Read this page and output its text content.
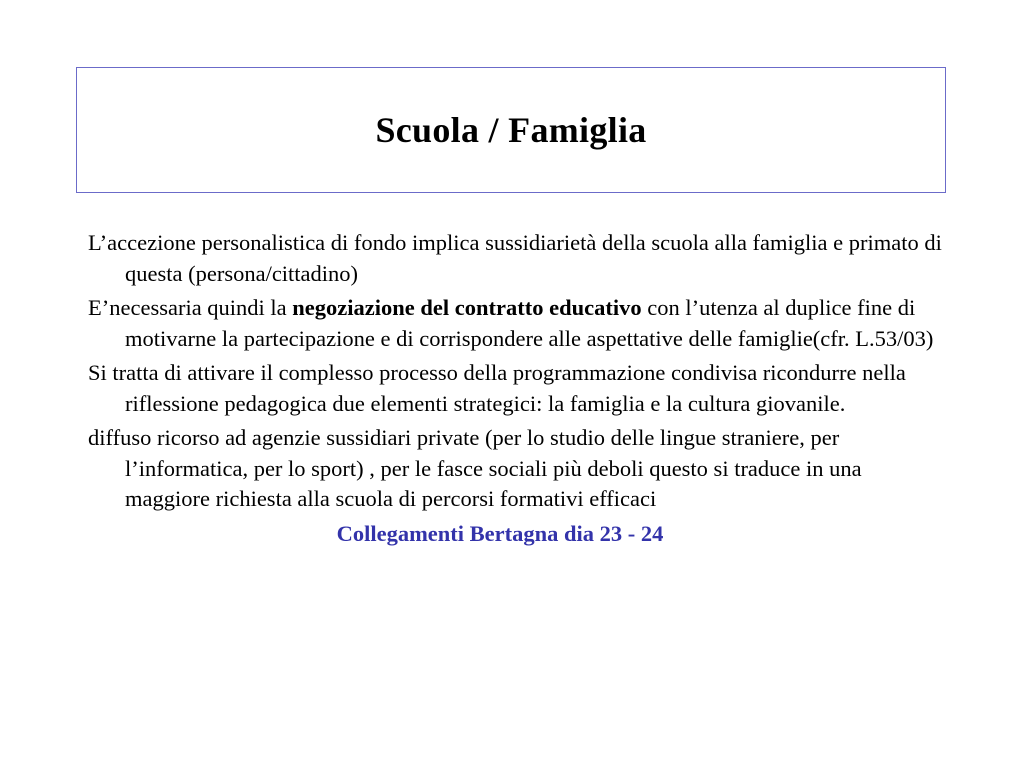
Scuola / Famiglia

L’accezione personalistica di fondo implica sussidiarietà della scuola alla famiglia e primato di questa (persona/cittadino)

E’necessaria quindi la negoziazione del contratto educativo con l’utenza al duplice fine di motivarne la partecipazione e di corrispondere alle aspettative delle famiglie(cfr. L.53/03)

Si tratta di attivare il complesso processo della programmazione condivisa ricondurre nella riflessione pedagogica due elementi strategici: la famiglia e la cultura giovanile.

diffuso ricorso ad agenzie sussidiari private (per lo studio delle lingue straniere, per l’informatica, per lo sport) , per le fasce sociali più deboli questo si traduce in una maggiore richiesta alla scuola di percorsi formativi efficaci

Collegamenti Bertagna dia 23 - 24
